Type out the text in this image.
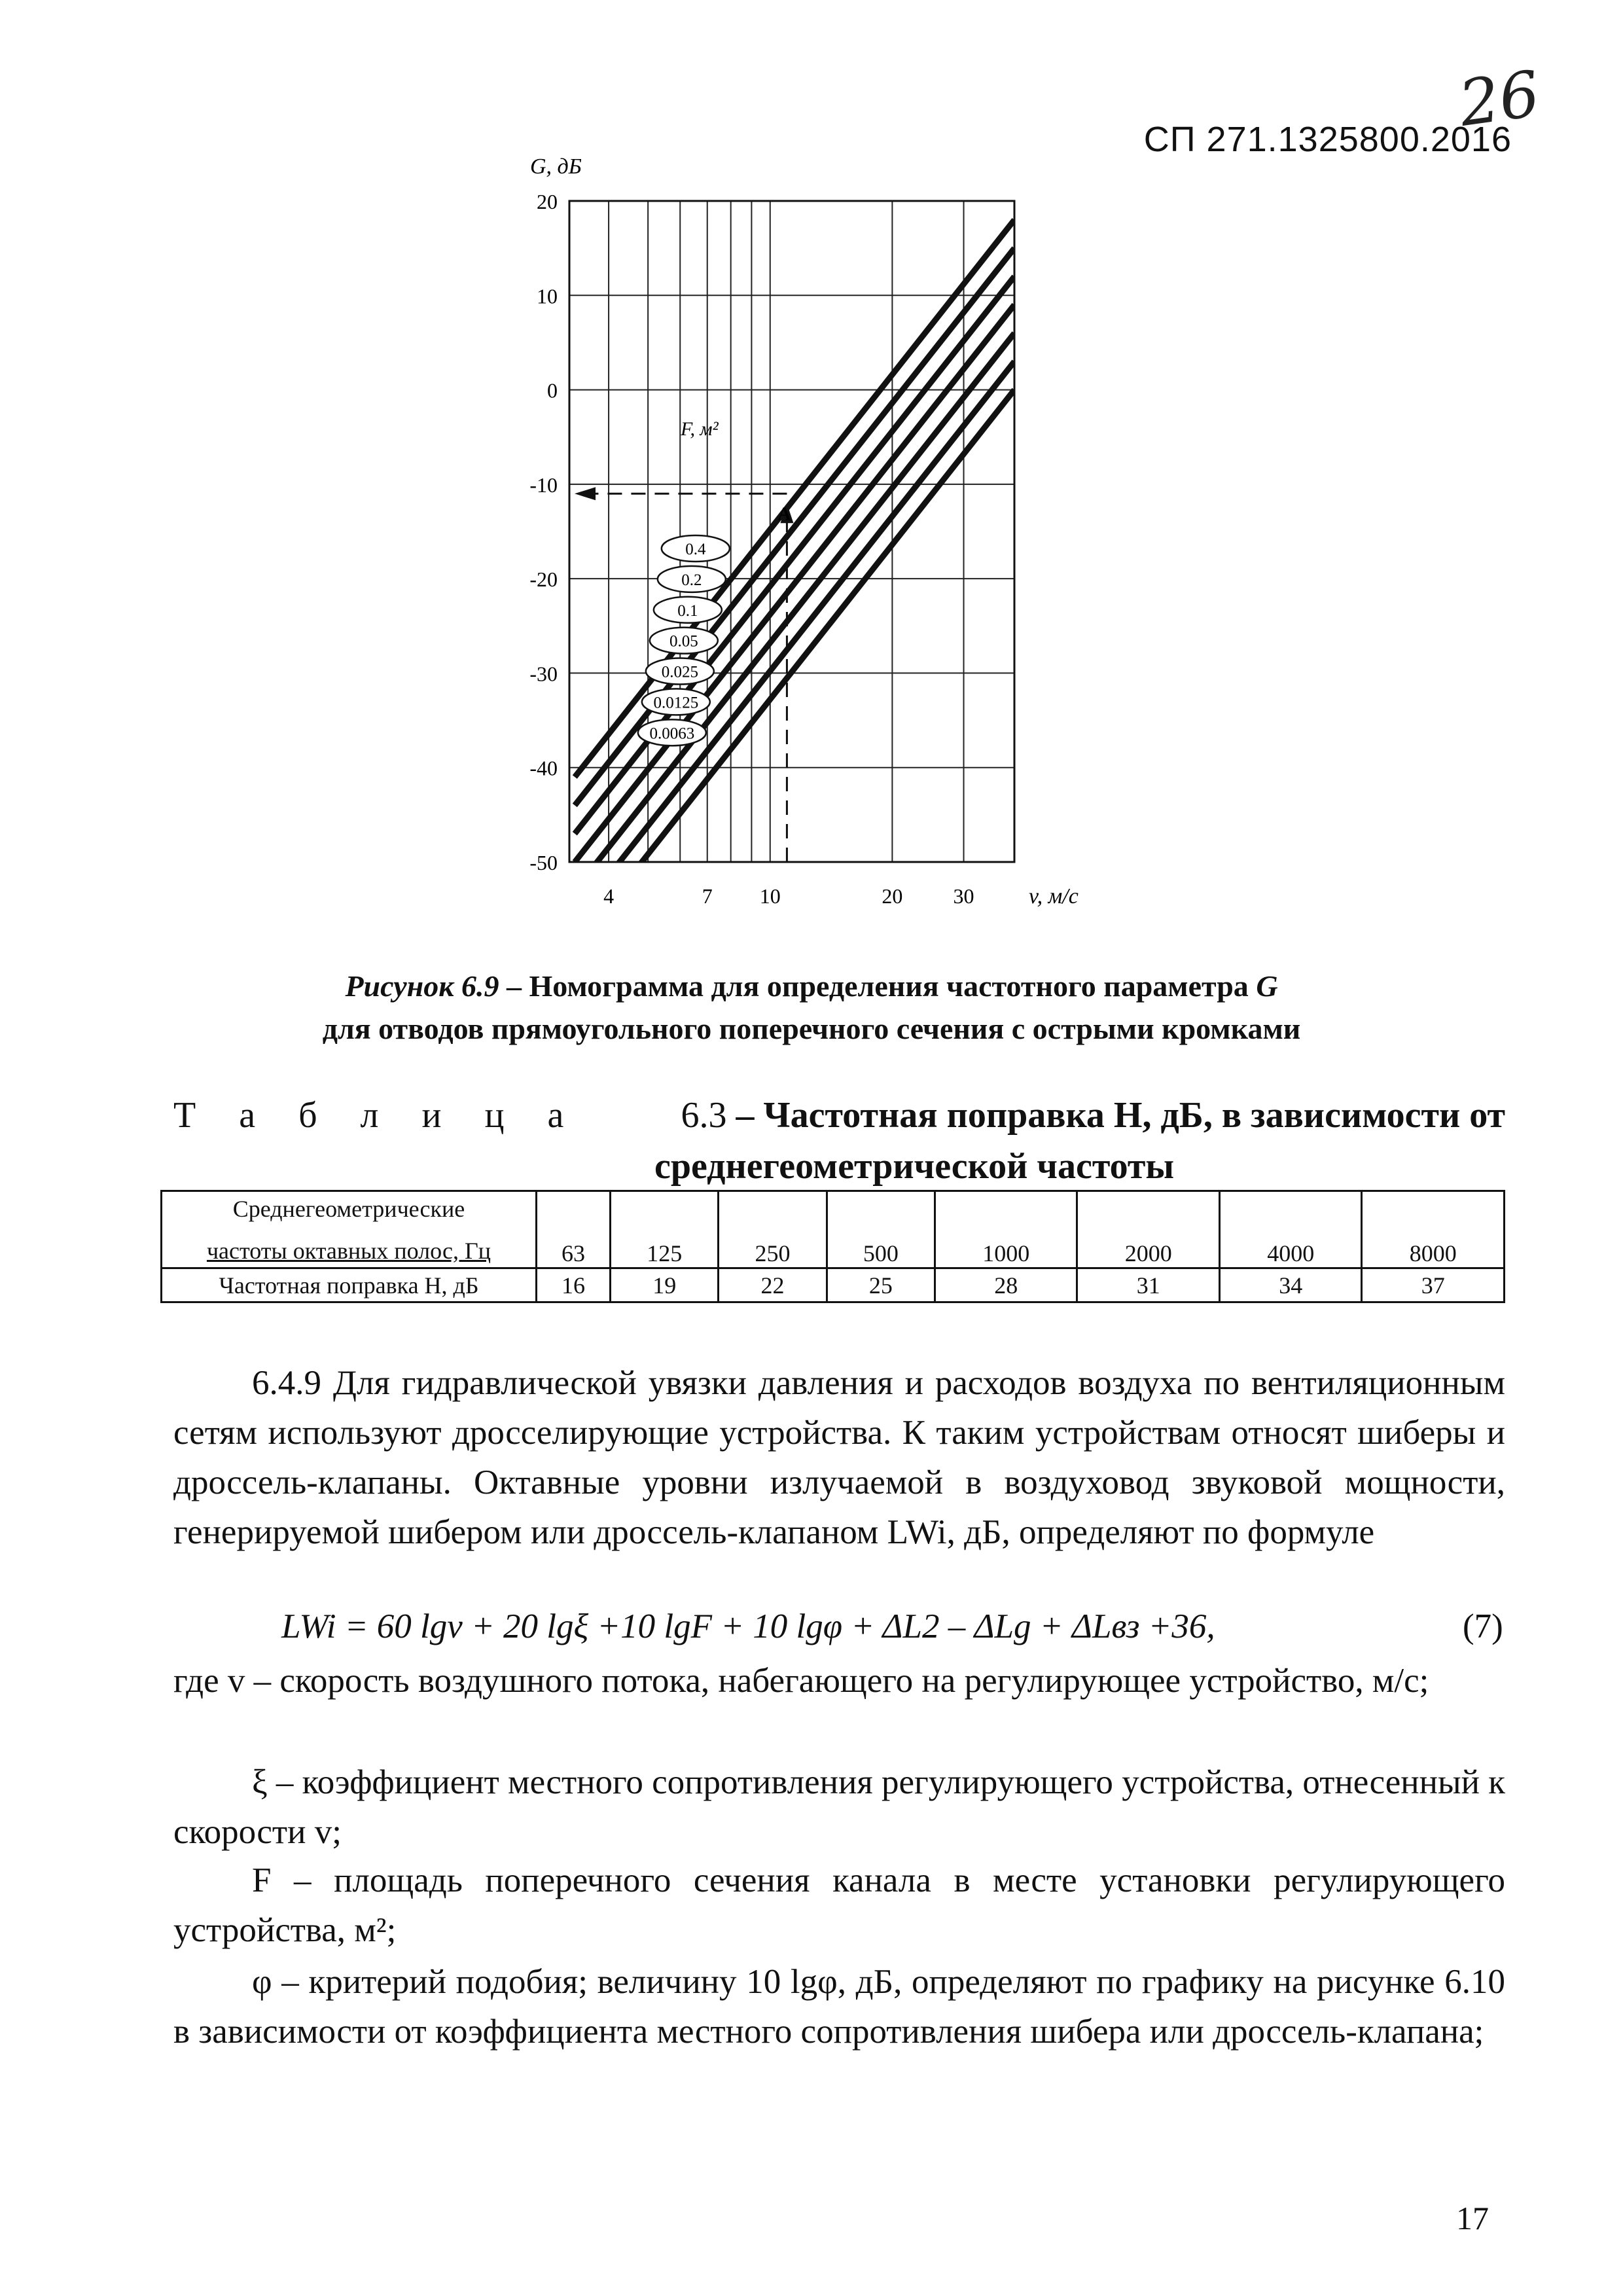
26
СП 271.1325800.2016
G, дБ
20
10
0
-10
-20
-30
-40
-50
4	7 10	20 30
0.4
0.2
0.1
0.05
0.025
0.0125
0.0063
v, м/с
A
F, м²
Рисунок 6.9 – Номограмма для определения частотного параметра G
для отводов прямоугольного поперечного сечения с острыми кромками
Т а б л и ц а	6.3 – Частотная поправка H, дБ, в зависимости от
среднегеометрической частоты
Среднегеометрические
частоты октавных полос, Гц	63	125	250	500	1000	2000	4000	8000
Частотная поправка H, дБ	16	19	22	25	28	31	34	37
6.4.9 Для гидравлической увязки давления и расходов воздуха по вентиляционным сетям используют дросселирующие устройства. К таким устройствам относят шиберы и дроссель-клапаны. Октавные уровни излучаемой в воздуховод звуковой мощности, генерируемой шибером или дроссель-клапаном LWi, дБ, определяют по формуле
LWi = 60 lgv + 20 lgξ +10 lgF + 10 lgφ + ΔL2 – ΔLg + ΔLвз +36,	(7)
где v – скорость воздушного потока, набегающего на регулирующее устройство, м/с;
ξ – коэффициент местного сопротивления регулирующего устройства, отнесенный к скорости v;
F – площадь поперечного сечения канала в месте установки регулирующего устройства, м²;
φ – критерий подобия; величину 10 lgφ, дБ, определяют по графику на рисунке 6.10 в зависимости от коэффициента местного сопротивления шибера или дроссель-клапана;
17
